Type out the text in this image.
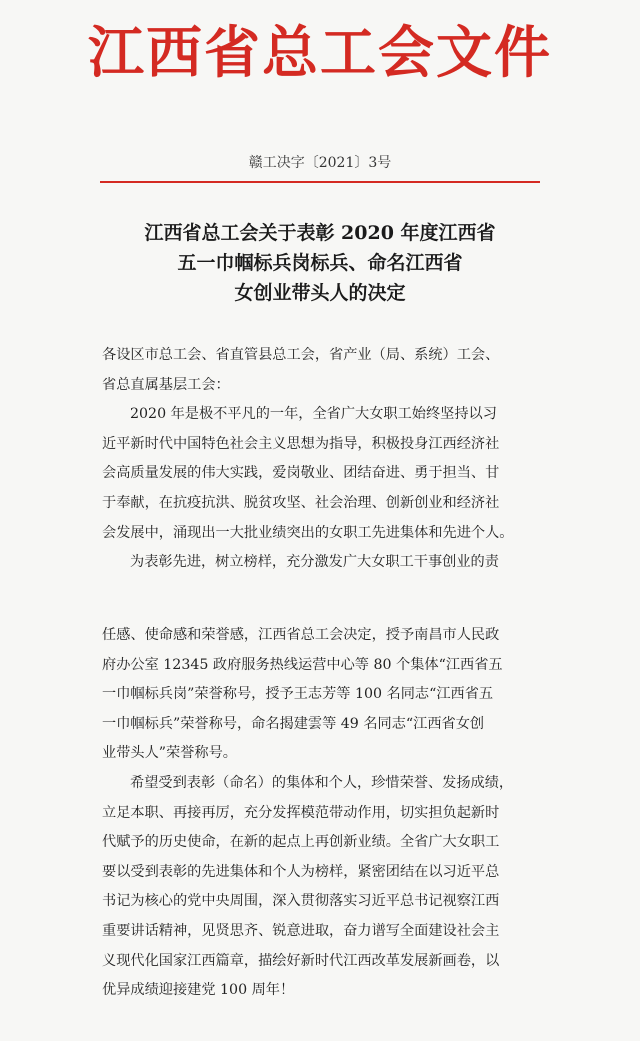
江西省总工会文件
赣工决字〔2021〕3号
江西省总工会关于表彰 2020 年度江西省
五一巾帼标兵岗标兵、命名江西省
女创业带头人的决定
各设区市总工会、省直管县总工会，省产业（局、系统）工会、
省总直属基层工会：
2020 年是极不平凡的一年，全省广大女职工始终坚持以习
近平新时代中国特色社会主义思想为指导，积极投身江西经济社
会高质量发展的伟大实践，爱岗敬业、团结奋进、勇于担当、甘
于奉献，在抗疫抗洪、脱贫攻坚、社会治理、创新创业和经济社
会发展中，涌现出一大批业绩突出的女职工先进集体和先进个人。
为表彰先进，树立榜样，充分激发广大女职工干事创业的责
任感、使命感和荣誉感，江西省总工会决定，授予南昌市人民政
府办公室 12345 政府服务热线运营中心等 80 个集体“江西省五
一巾帼标兵岗”荣誉称号，授予王志芳等 100 名同志“江西省五
一巾帼标兵”荣誉称号，命名揭建雲等 49 名同志“江西省女创
业带头人”荣誉称号。
希望受到表彰（命名）的集体和个人，珍惜荣誉、发扬成绩，
立足本职、再接再厉，充分发挥模范带动作用，切实担负起新时
代赋予的历史使命，在新的起点上再创新业绩。全省广大女职工
要以受到表彰的先进集体和个人为榜样，紧密团结在以习近平总
书记为核心的党中央周围，深入贯彻落实习近平总书记视察江西
重要讲话精神，见贤思齐、锐意进取，奋力谱写全面建设社会主
义现代化国家江西篇章，描绘好新时代江西改革发展新画卷，以
优异成绩迎接建党 100 周年！
